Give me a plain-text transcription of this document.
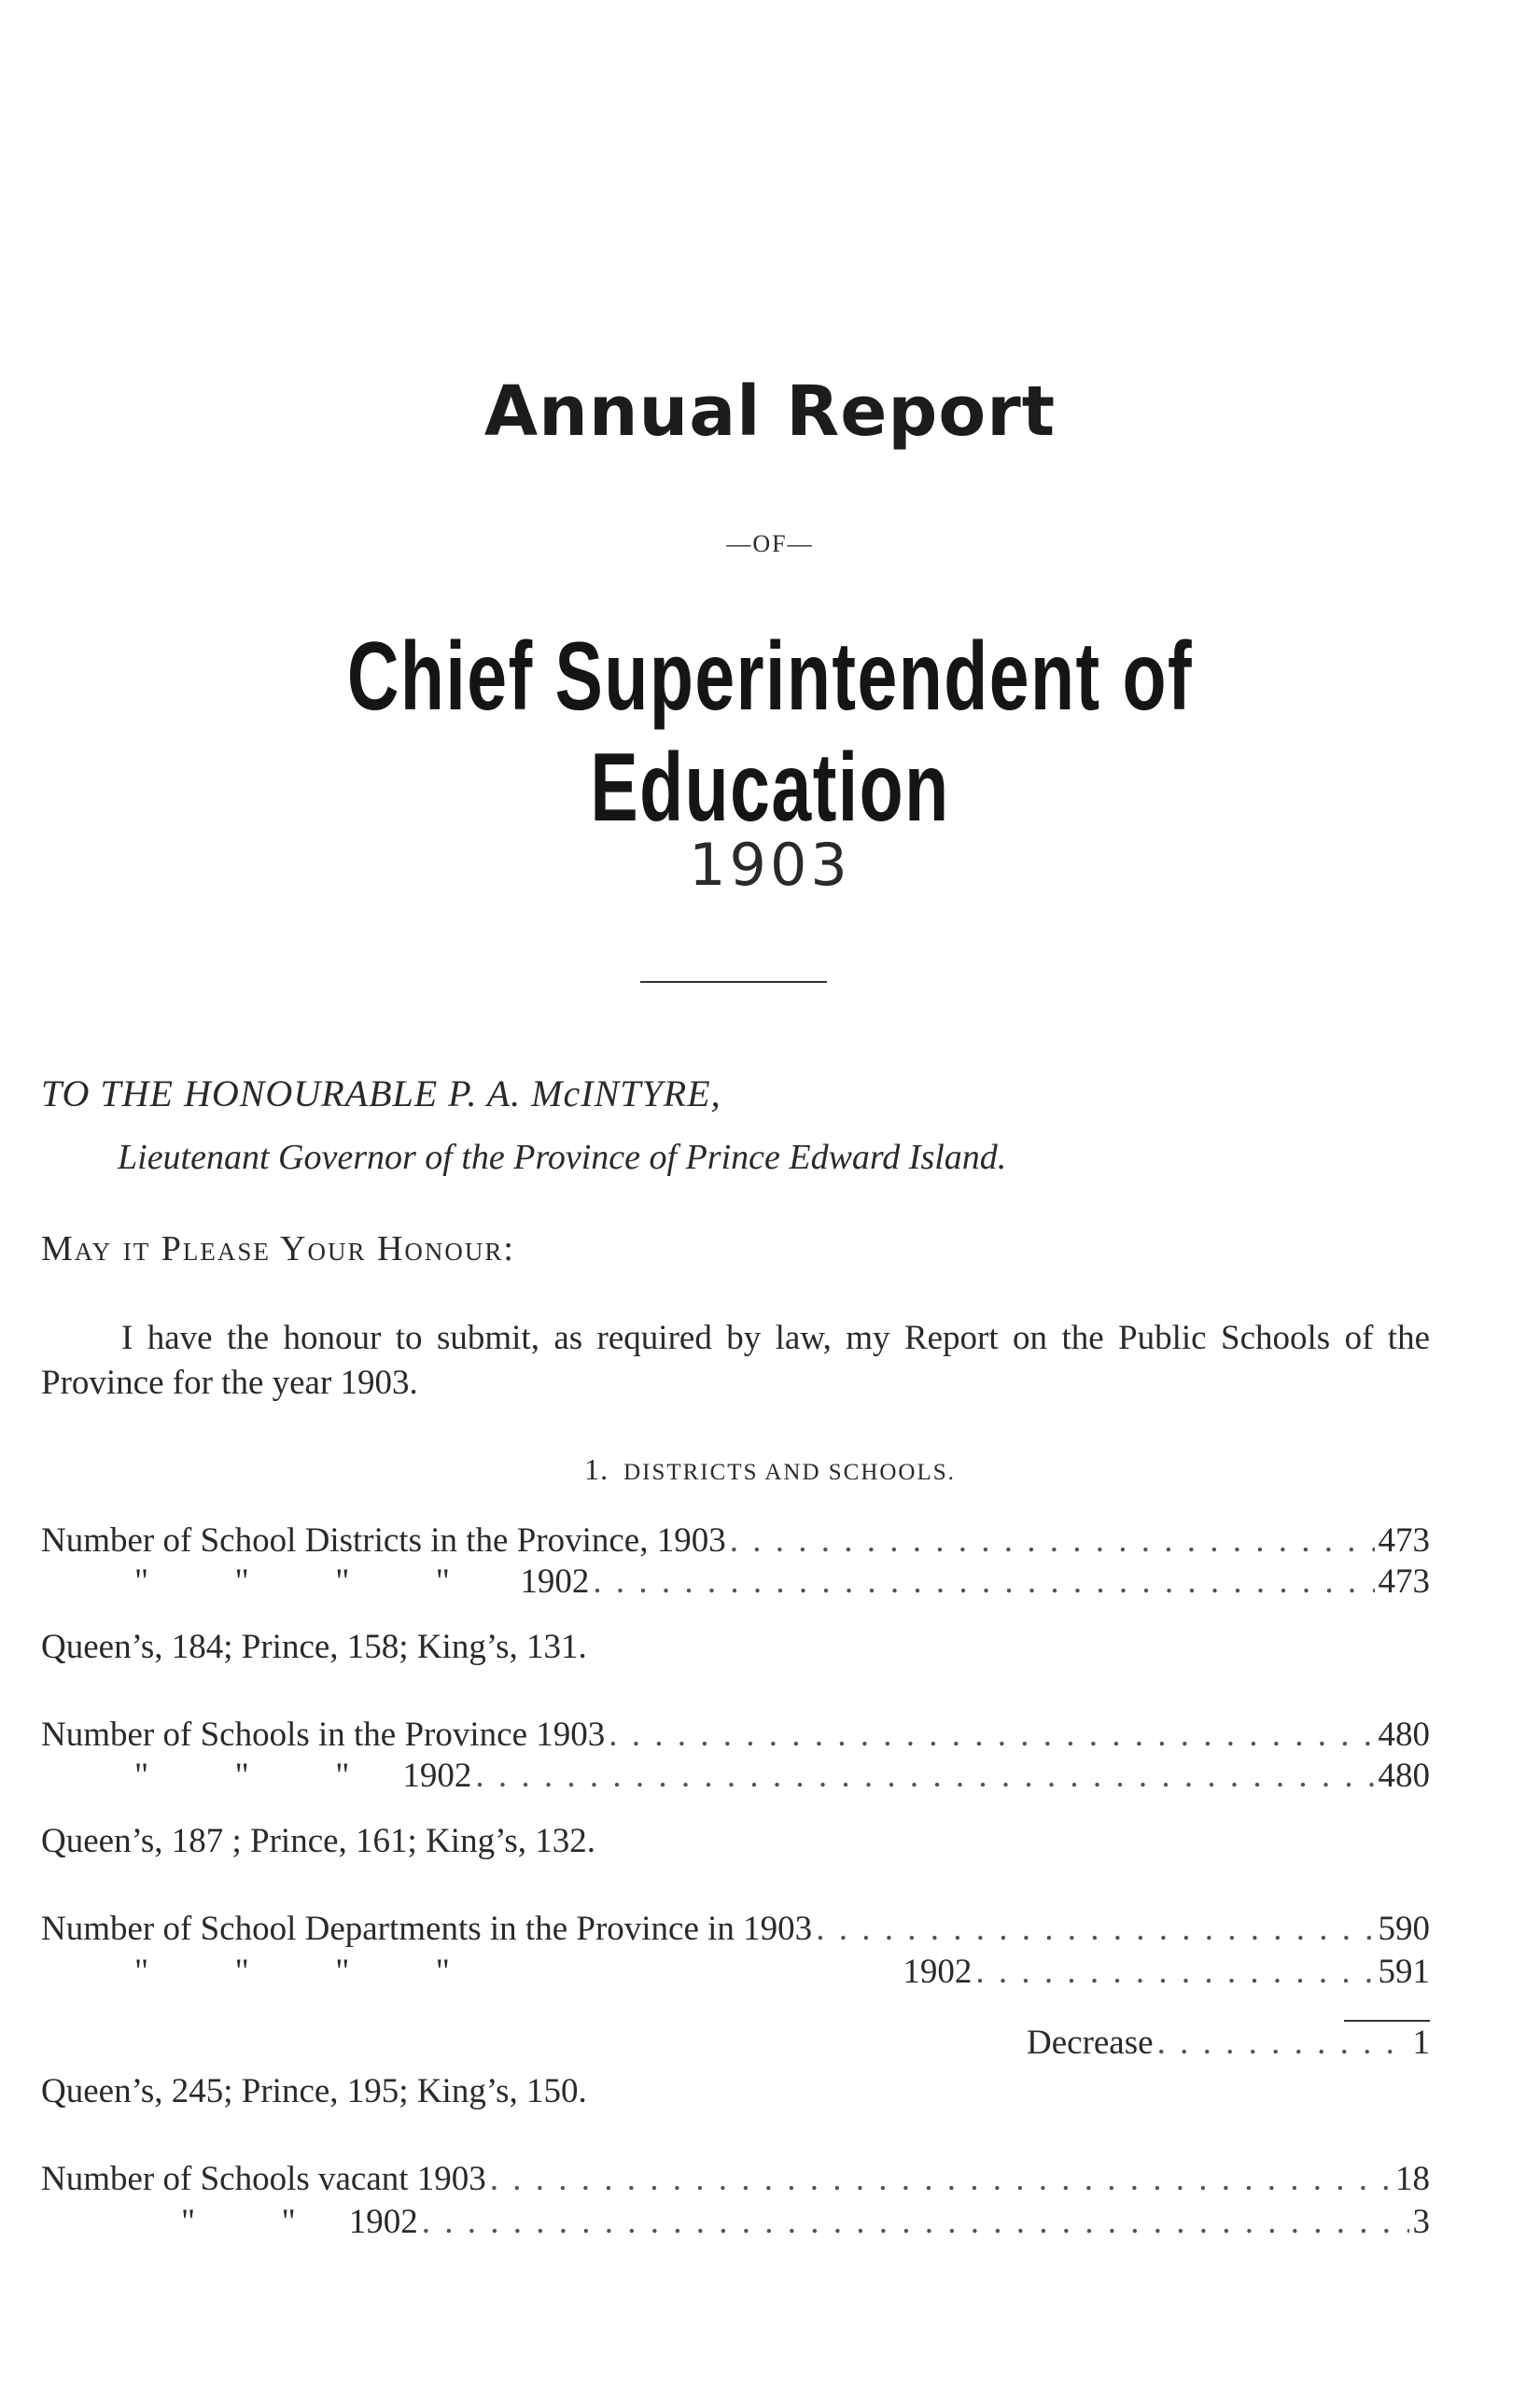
Annual Report
—OF—
Chief Superintendent of Education
1903
TO THE HONOURABLE P. A. McINTYRE,
Lieutenant Governor of the Province of Prince Edward Island.
May it Please Your Honour:
I have the honour to submit, as required by law, my Report on the Public Schools of the Province for the year 1903.
1. DISTRICTS AND SCHOOLS.
Number of School Districts in the Province, 1903 . . .	473
"          "          "          " 1902 . . .	473
Queen’s, 184; Prince, 158; King’s, 131.
Number of Schools in the Province 1903 . . .	480
"          "          " 1902 . . .	480
Queen’s, 187 ; Prince, 161; King’s, 132.
Number of School Departments in the Province in 1903 . . .	590
"          "          "          "	1902 . . .	591
Decrease . . .	1
Queen’s, 245; Prince, 195; King’s, 150.
Number of Schools vacant 1903 . . .	18
"          " 1902 . . .	3
